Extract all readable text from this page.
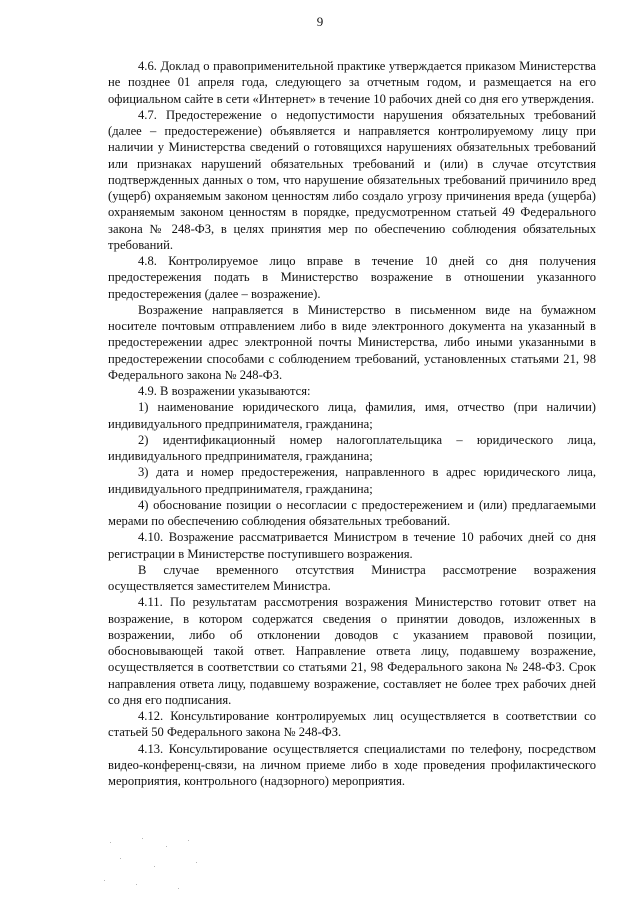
9

4.6. Доклад о правоприменительной практике утверждается приказом Министерства не позднее 01 апреля года, следующего за отчетным годом, и размещается на его официальном сайте в сети «Интернет» в течение 10 рабочих дней со дня его утверждения.

4.7. Предостережение о недопустимости нарушения обязательных требований (далее – предостережение) объявляется и направляется контролируемому лицу при наличии у Министерства сведений о готовящихся нарушениях обязательных требований или признаках нарушений обязательных требований и (или) в случае отсутствия подтвержденных данных о том, что нарушение обязательных требований причинило вред (ущерб) охраняемым законом ценностям либо создало угрозу причинения вреда (ущерба) охраняемым законом ценностям в порядке, предусмотренном статьей 49 Федерального закона № 248-ФЗ, в целях принятия мер по обеспечению соблюдения обязательных требований.

4.8. Контролируемое лицо вправе в течение 10 дней со дня получения предостережения подать в Министерство возражение в отношении указанного предостережения (далее – возражение).

Возражение направляется в Министерство в письменном виде на бумажном носителе почтовым отправлением либо в виде электронного документа на указанный в предостережении адрес электронной почты Министерства, либо иными указанными в предостережении способами с соблюдением требований, установленных статьями 21, 98 Федерального закона № 248-ФЗ.

4.9. В возражении указываются:

1) наименование юридического лица, фамилия, имя, отчество (при наличии) индивидуального предпринимателя, гражданина;

2) идентификационный номер налогоплательщика – юридического лица, индивидуального предпринимателя, гражданина;

3) дата и номер предостережения, направленного в адрес юридического лица, индивидуального предпринимателя, гражданина;

4) обоснование позиции о несогласии с предостережением и (или) предлагаемыми мерами по обеспечению соблюдения обязательных требований.

4.10. Возражение рассматривается Министром в течение 10 рабочих дней со дня регистрации в Министерстве поступившего возражения.

В случае временного отсутствия Министра рассмотрение возражения осуществляется заместителем Министра.

4.11. По результатам рассмотрения возражения Министерство готовит ответ на возражение, в котором содержатся сведения о принятии доводов, изложенных в возражении, либо об отклонении доводов с указанием правовой позиции, обосновывающей такой ответ. Направление ответа лицу, подавшему возражение, осуществляется в соответствии со статьями 21, 98 Федерального закона № 248-ФЗ. Срок направления ответа лицу, подавшему возражение, составляет не более трех рабочих дней со дня его подписания.

4.12. Консультирование контролируемых лиц осуществляется в соответствии со статьей 50 Федерального закона № 248-ФЗ.

4.13. Консультирование осуществляется специалистами по телефону, посредством видео-конференц-связи, на личном приеме либо в ходе проведения профилактического мероприятия, контрольного (надзорного) мероприятия.
